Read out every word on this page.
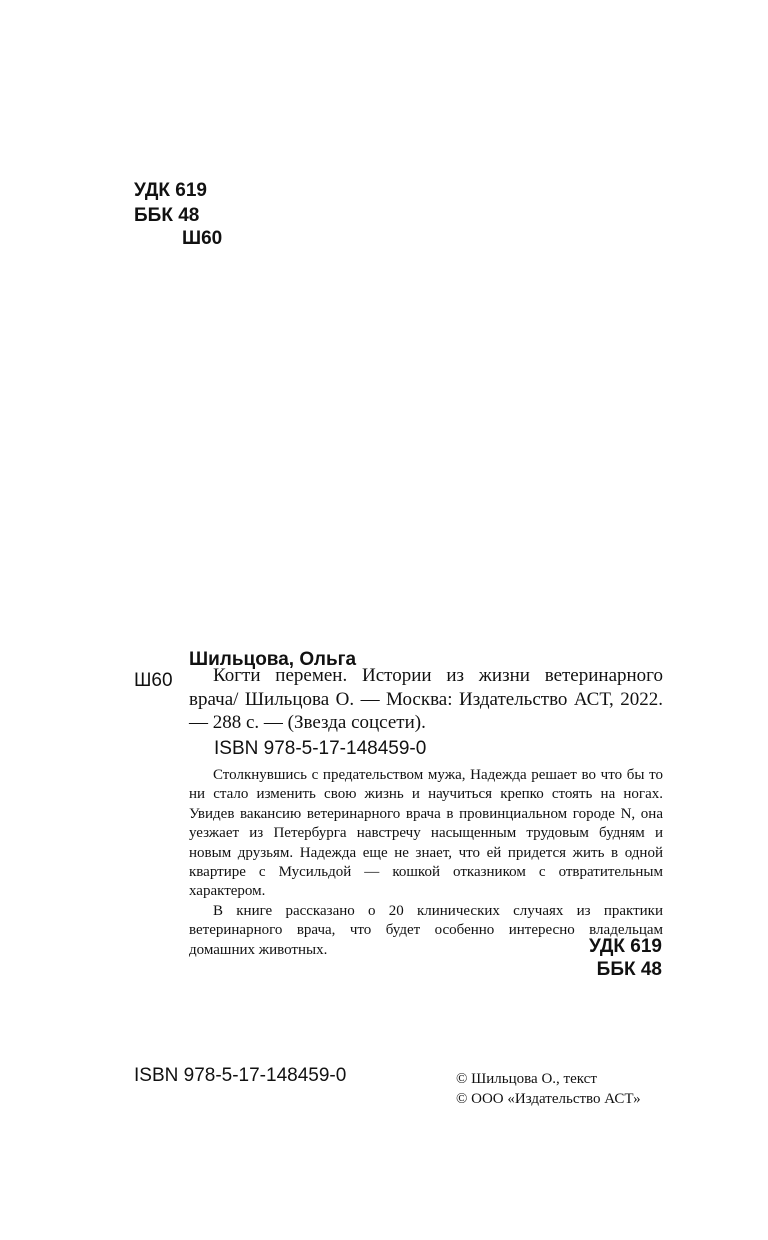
УДК 619
ББК 48
Ш60
Шильцова, Ольга
Ш60	Когти перемен. Истории из жизни ветеринарного врача/ Шильцова О. — Москва: Издательство АСТ, 2022. — 288 с. — (Звезда соцсети).
ISBN 978-5-17-148459-0

Столкнувшись с предательством мужа, Надежда решает во что бы то ни стало изменить свою жизнь и научиться крепко стоять на ногах. Увидев вакансию ветеринарного врача в провинциальном городе N, она уезжает из Петербурга навстречу насыщенным трудовым будням и новым друзьям. Надежда еще не знает, что ей придется жить в одной квартире с Мусильдой — кошкой отказником с отвратительным характером.

В книге рассказано о 20 клинических случаях из практики ветеринарного врача, что будет особенно интересно владельцам домашних животных.	УДК 619
ББК 48
ISBN 978-5-17-148459-0	© Шильцова О., текст
© ООО «Издательство АСТ»
